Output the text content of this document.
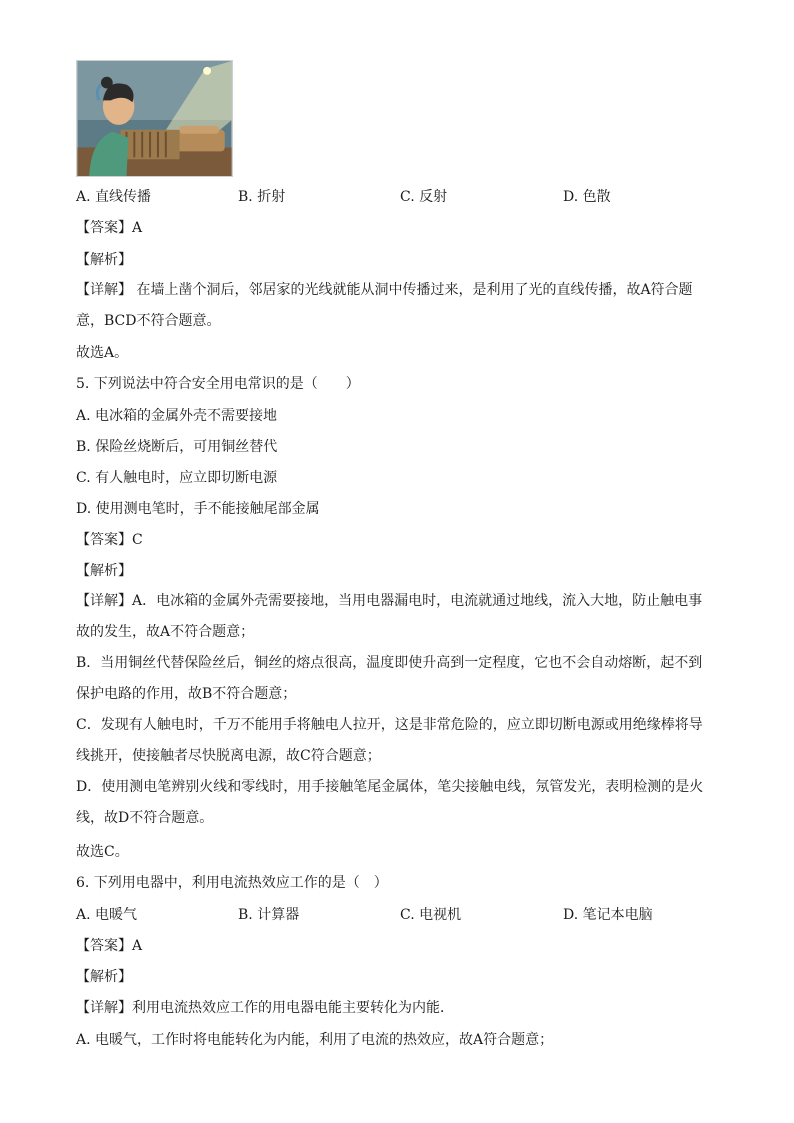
A. 直线传播	B. 折射	C. 反射	D. 色散
【答案】A
【解析】
【详解】 在墙上凿个洞后，邻居家的光线就能从洞中传播过来，是利用了光的直线传播，故A符合题意，BCD不符合题意。
故选A。
5. 下列说法中符合安全用电常识的是（　　）
A. 电冰箱的金属外壳不需要接地
B. 保险丝烧断后，可用铜丝替代
C. 有人触电时，应立即切断电源
D. 使用测电笔时，手不能接触尾部金属
【答案】C
【解析】
【详解】A．电冰箱的金属外壳需要接地，当用电器漏电时，电流就通过地线，流入大地，防止触电事故的发生，故A不符合题意；
B．当用铜丝代替保险丝后，铜丝的熔点很高，温度即使升高到一定程度，它也不会自动熔断，起不到保护电路的作用，故B不符合题意；
C．发现有人触电时，千万不能用手将触电人拉开，这是非常危险的，应立即切断电源或用绝缘棒将导线挑开，使接触者尽快脱离电源，故C符合题意；
D．使用测电笔辨别火线和零线时，用手接触笔尾金属体，笔尖接触电线，氖管发光，表明检测的是火线，故D不符合题意。
故选C。
6. 下列用电器中，利用电流热效应工作的是（　）
A. 电暖气	B. 计算器	C. 电视机	D. 笔记本电脑
【答案】A
【解析】
【详解】利用电流热效应工作的用电器电能主要转化为内能．
A. 电暖气，工作时将电能转化为内能，利用了电流的热效应，故A符合题意；
